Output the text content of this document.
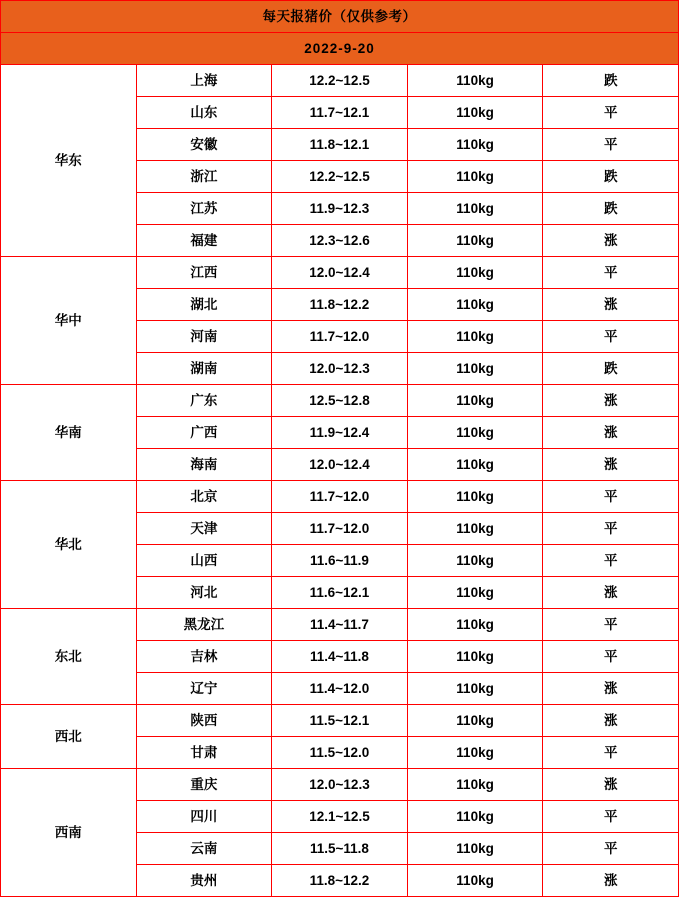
每天报猪价（仅供参考）				
2022-9-20				
华东	上海	12.2~12.5	110kg	跌
	山东	11.7~12.1	110kg	平
	安徽	11.8~12.1	110kg	平
	浙江	12.2~12.5	110kg	跌
	江苏	11.9~12.3	110kg	跌
	福建	12.3~12.6	110kg	涨
华中	江西	12.0~12.4	110kg	平
	湖北	11.8~12.2	110kg	涨
	河南	11.7~12.0	110kg	平
	湖南	12.0~12.3	110kg	跌
华南	广东	12.5~12.8	110kg	涨
	广西	11.9~12.4	110kg	涨
	海南	12.0~12.4	110kg	涨
华北	北京	11.7~12.0	110kg	平
	天津	11.7~12.0	110kg	平
	山西	11.6~11.9	110kg	平
	河北	11.6~12.1	110kg	涨
东北	黑龙江	11.4~11.7	110kg	平
	吉林	11.4~11.8	110kg	平
	辽宁	11.4~12.0	110kg	涨
西北	陕西	11.5~12.1	110kg	涨
	甘肃	11.5~12.0	110kg	平
西南	重庆	12.0~12.3	110kg	涨
	四川	12.1~12.5	110kg	平
	云南	11.5~11.8	110kg	平
	贵州	11.8~12.2	110kg	涨
